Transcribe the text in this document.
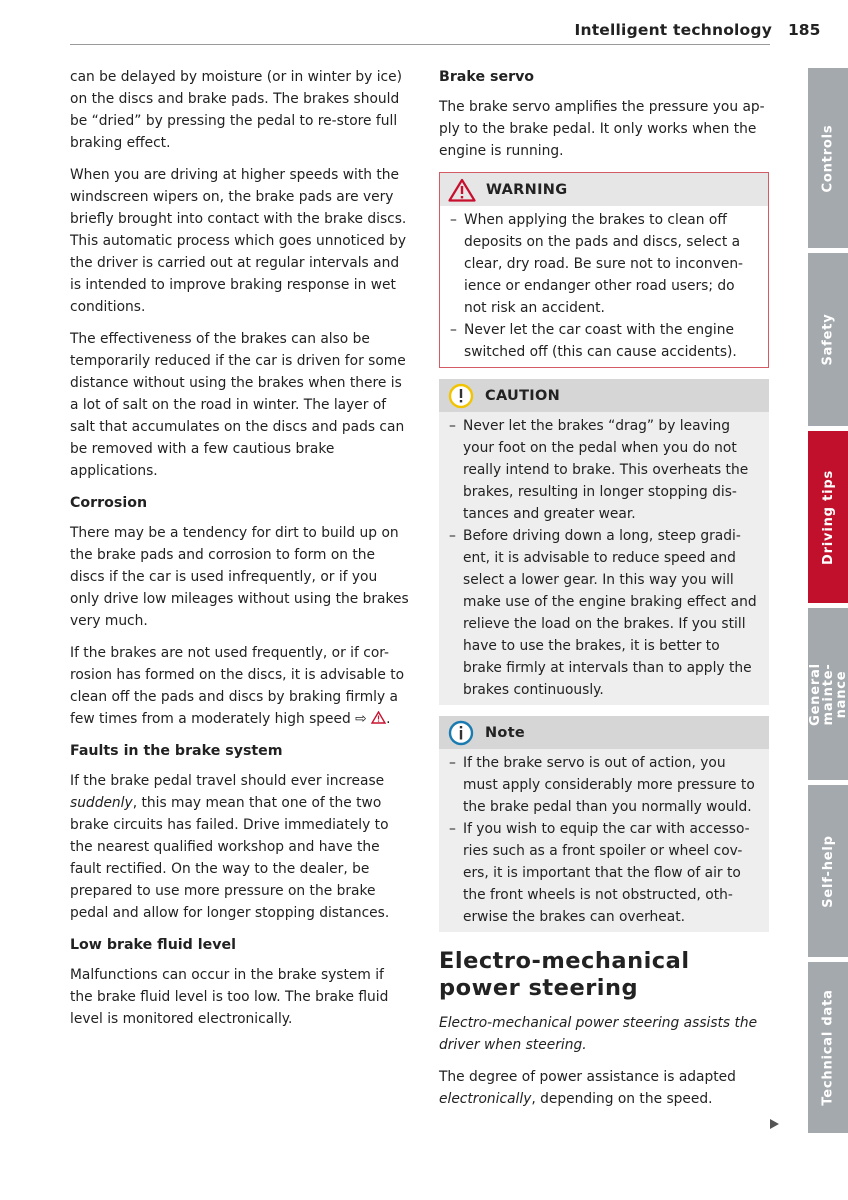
Intelligent technology 185

can be delayed by moisture (or in winter by ice) on the discs and brake pads. The brakes should be “dried” by pressing the pedal to re-store full braking effect.

When you are driving at higher speeds with the windscreen wipers on, the brake pads are very briefly brought into contact with the brake discs. This automatic process which goes unnoticed by the driver is carried out at regular intervals and is intended to improve braking response in wet conditions.

The effectiveness of the brakes can also be temporarily reduced if the car is driven for some distance without using the brakes when there is a lot of salt on the road in winter. The layer of salt that accumulates on the discs and pads can be removed with a few cautious brake applications.

Corrosion

There may be a tendency for dirt to build up on the brake pads and corrosion to form on the discs if the car is used infrequently, or if you only drive low mileages without using the brakes very much.

If the brakes are not used frequently, or if cor-rosion has formed on the discs, it is advisable to clean off the pads and discs by braking firmly a few times from a moderately high speed ⇨ .

Faults in the brake system

If the brake pedal travel should ever increase suddenly, this may mean that one of the two brake circuits has failed. Drive immediately to the nearest qualified workshop and have the fault rectified. On the way to the dealer, be prepared to use more pressure on the brake pedal and allow for longer stopping distances.

Low brake fluid level

Malfunctions can occur in the brake system if the brake fluid level is too low. The brake fluid level is monitored electronically.

Brake servo

The brake servo amplifies the pressure you ap-ply to the brake pedal. It only works when the engine is running.

WARNING

– When applying the brakes to clean off deposits on the pads and discs, select a clear, dry road. Be sure not to inconven-ience or endanger other road users; do not risk an accident.

– Never let the car coast with the engine switched off (this can cause accidents).

CAUTION

– Never let the brakes “drag” by leaving your foot on the pedal when you do not really intend to brake. This overheats the brakes, resulting in longer stopping dis-tances and greater wear.

– Before driving down a long, steep gradi-ent, it is advisable to reduce speed and select a lower gear. In this way you will make use of the engine braking effect and relieve the load on the brakes. If you still have to use the brakes, it is better to brake firmly at intervals than to apply the brakes continuously.

Note

– If the brake servo is out of action, you must apply considerably more pressure to the brake pedal than you normally would.

– If you wish to equip the car with accesso-ries such as a front spoiler or wheel cov-ers, it is important that the flow of air to the front wheels is not obstructed, oth-erwise the brakes can overheat.

Electro-mechanical power steering

Electro-mechanical power steering assists the driver when steering.

The degree of power assistance is adapted electronically, depending on the speed.

Controls
Safety
Driving tips
General mainte-
nance
Self-help
Technical data
